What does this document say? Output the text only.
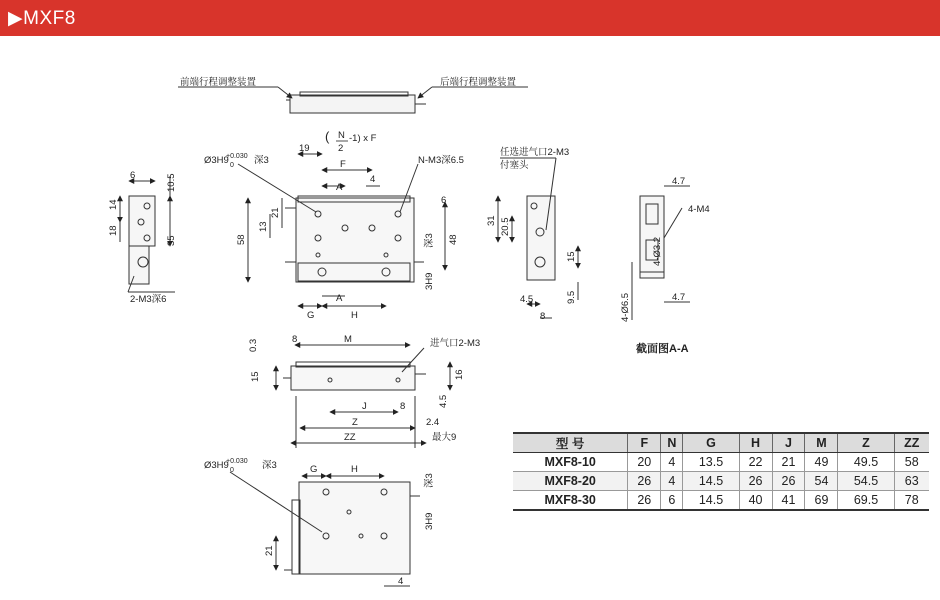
▶MXF8
前端行程调整装置	后端行程调整装置
( N
2
-1) x F
Ø3H9
+0.030
0 深3	N-M3深6.5
19
F
A
4
6	10.5
14
18
35
2-M3深6
58
13
21
6
48
深3
3H9
A
G	H
任选进气口2-M3
付塞头
31 20.5
15
4.5	9.5
8
4.7
4-M4
4-Ø3.2
4.7
4-Ø6.5
截面图A-A
8	M
0.3
15	16
进气口2-M3
4.5
J	8
Z	2.4
ZZ	最大9
Ø3H9
+0.030
0	深3	G	H
深3
3H9
21
4
型 号	F	N	G	H	J	M	Z	ZZ
MXF8-10	20	4	13.5	22	21	49	49.5	58
MXF8-20	26	4	14.5	26	26	54	54.5	63
MXF8-30	26	6	14.5	40	41	69	69.5	78
